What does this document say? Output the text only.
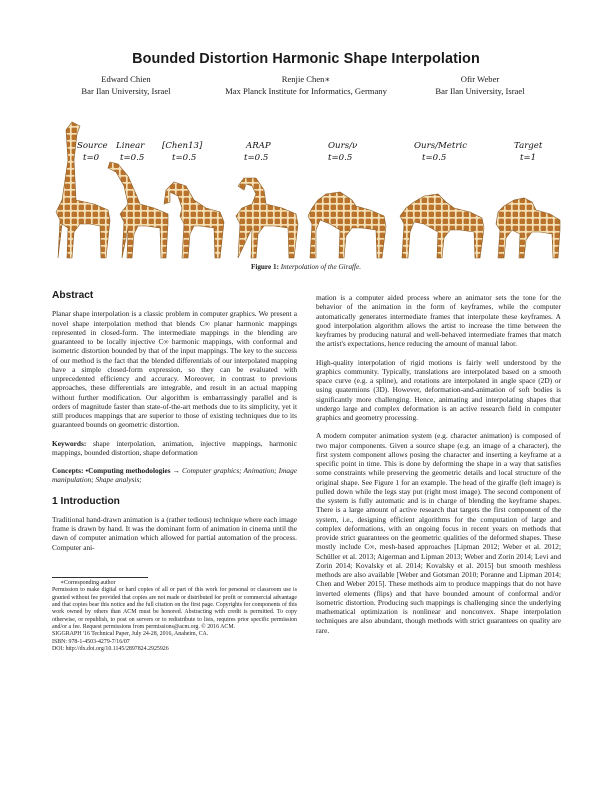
Bounded Distortion Harmonic Shape Interpolation
Edward Chien
Bar Ilan University, Israel
Renjie Chen∗
Max Planck Institute for Informatics, Germany
Ofir Weber
Bar Ilan University, Israel
Source
t=0
Linear
t=0.5
[Chen13]
t=0.5
ARAP
t=0.5
Ours/ν
t=0.5
Ours/Metric
t=0.5
Target
t=1
Figure 1: Interpolation of the Giraffe.
Abstract

Planar shape interpolation is a classic problem in computer graphics. We present a novel shape interpolation method that blends C∞ planar harmonic mappings represented in closed-form. The intermediate mappings in the blending are guaranteed to be locally injective C∞ harmonic mappings, with conformal and isometric distortion bounded by that of the input mappings. The key to the success of our method is the fact that the blended differentials of our interpolated mapping have a simple closed-form expression, so they can be evaluated with unprecedented efficiency and accuracy. Moreover, in contrast to previous approaches, these differentials are integrable, and result in an actual mapping without further modification. Our algorithm is embarrassingly parallel and is orders of magnitude faster than state-of-the-art methods due to its simplicity, yet it still produces mappings that are superior to those of existing techniques due to its guaranteed bounds on geometric distortion.

Keywords: shape interpolation, animation, injective mappings, harmonic mappings, bounded distortion, shape deformation

Concepts: •Computing methodologies → Computer graphics; Animation; Image manipulation; Shape analysis;

1 Introduction

Traditional hand-drawn animation is a (rather tedious) technique where each image frame is drawn by hand. It was the dominant form of animation in cinema until the dawn of computer animation which allowed for partial automation of the process. Computer ani-

∗Corresponding author

Permission to make digital or hard copies of all or part of this work for personal or classroom use is granted without fee provided that copies are not made or distributed for profit or commercial advantage and that copies bear this notice and the full citation on the first page. Copyrights for components of this work owned by others than ACM must be honored. Abstracting with credit is permitted. To copy otherwise, or republish, to post on servers or to redistribute to lists, requires prior specific permission and/or a fee. Request permissions from permissions@acm.org. © 2016 ACM.

SIGGRAPH '16 Technical Paper, July 24-28, 2016, Anaheim, CA.

ISBN: 978-1-4503-4279-7/16/07

DOI: http://dx.doi.org/10.1145/2897824.2925926

mation is a computer aided process where an animator sets the tone for the behavior of the animation in the form of keyframes, while the computer automatically generates intermediate frames that interpolate these keyframes. A good interpolation algorithm allows the artist to increase the time between the keyframes by producing natural and well-behaved intermediate frames that match the artist's expectations, hence reducing the amount of manual labor.

High-quality interpolation of rigid motions is fairly well understood by the graphics community. Typically, translations are interpolated based on a smooth space curve (e.g. a spline), and rotations are interpolated in angle space (2D) or using quaternions (3D). However, deformation-and-animation of soft bodies is significantly more challenging. Hence, animating and interpolating shapes that undergo large and complex deformation is an active research field in computer graphics and geometry processing.

A modern computer animation system (e.g. character animation) is composed of two major components. Given a source shape (e.g. an image of a character), the first system component allows posing the character and inserting a keyframe at a specific point in time. This is done by deforming the shape in a way that satisfies some constraints while preserving the geometric details and local structure of the original shape. See Figure 1 for an example. The head of the giraffe (left image) is pulled down while the legs stay put (right most image). The second component of the system is fully automatic and is in charge of blending the keyframe shapes. There is a large amount of active research that targets the first component of the system, i.e., designing efficient algorithms for the computation of large and complex deformations, with an ongoing focus in recent years on methods that provide strict guarantees on the geometric qualities of the deformed shapes. These mostly include C∞, mesh-based approaches [Lipman 2012; Weber et al. 2012; Schüller et al. 2013; Aigerman and Lipman 2013; Weber and Zorin 2014; Levi and Zorin 2014; Kovalsky et al. 2014; Kovalsky et al. 2015] but smooth meshless methods are also available [Weber and Gotsman 2010; Poranne and Lipman 2014; Chen and Weber 2015]. These methods aim to produce mappings that do not have inverted elements (flips) and that have bounded amount of conformal and/or isometric distortion. Producing such mappings is challenging since the underlying mathematical optimization is nonlinear and nonconvex. Shape interpolation techniques are also abundant, though methods with strict guarantees on quality are rare.
